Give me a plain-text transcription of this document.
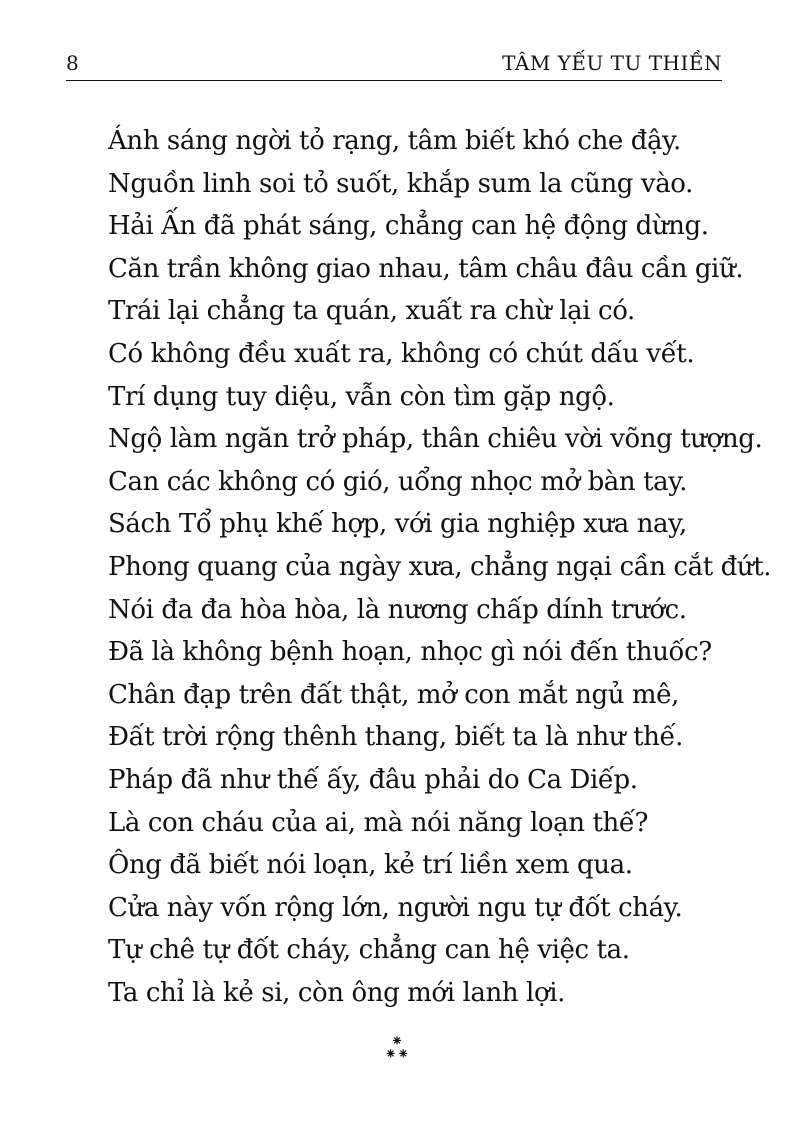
8	TÂM YẾU TU THIỀN
Ánh sáng ngời tỏ rạng, tâm biết khó che đậy.
Nguồn linh soi tỏ suốt, khắp sum la cũng vào.
Hải Ấn đã phát sáng, chẳng can hệ động dừng.
Căn trần không giao nhau, tâm châu đâu cần giữ.
Trái lại chẳng ta quán, xuất ra chừ lại có.
Có không đều xuất ra, không có chút dấu vết.
Trí dụng tuy diệu, vẫn còn tìm gặp ngộ.
Ngộ làm ngăn trở pháp, thân chiêu vời võng tượng.
Can các không có gió, uổng nhọc mở bàn tay.
Sách Tổ phụ khế hợp, với gia nghiệp xưa nay,
Phong quang của ngày xưa, chẳng ngại cần cắt đứt.
Nói đa đa hòa hòa, là nương chấp dính trước.
Đã là không bệnh hoạn, nhọc gì nói đến thuốc?
Chân đạp trên đất thật, mở con mắt ngủ mê,
Đất trời rộng thênh thang, biết ta là như thế.
Pháp đã như thế ấy, đâu phải do Ca Diếp.
Là con cháu của ai, mà nói năng loạn thế?
Ông đã biết nói loạn, kẻ trí liền xem qua.
Cửa này vốn rộng lớn, người ngu tự đốt cháy.
Tự chê tự đốt cháy, chẳng can hệ việc ta.
Ta chỉ là kẻ si, còn ông mới lanh lợi.
⁕
⁕⁕
